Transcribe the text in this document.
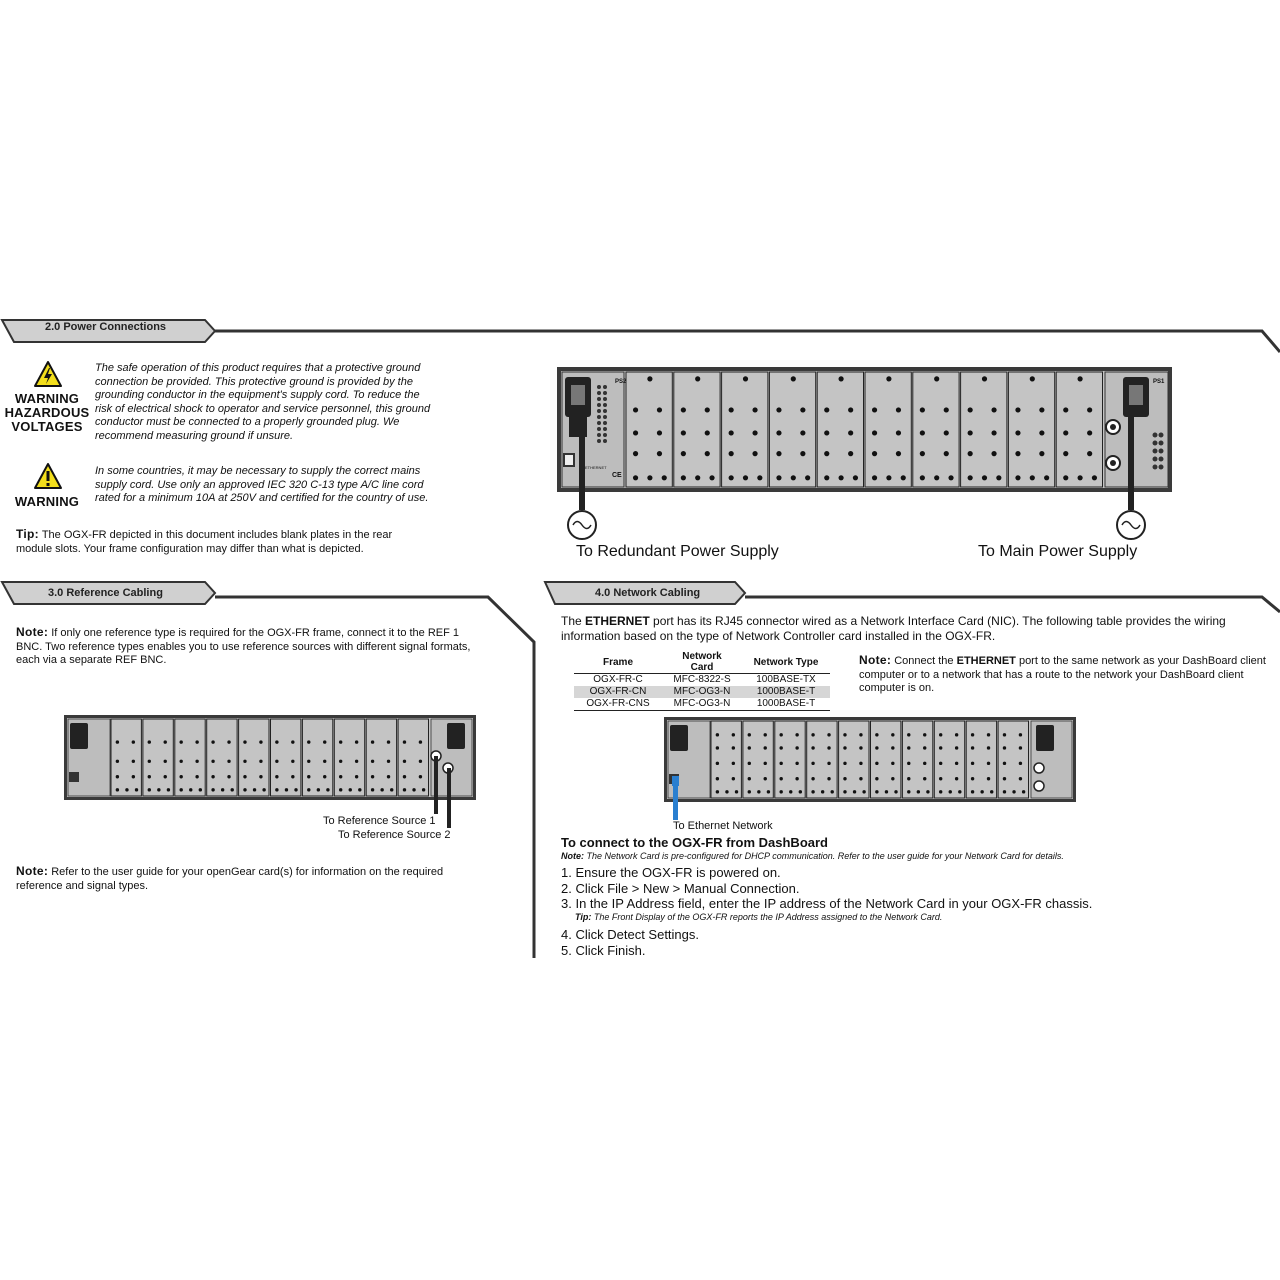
2.0 Power Connections
3.0 Reference Cabling	4.0 Network Cabling
WARNING
HAZARDOUS
VOLTAGES
The safe operation of this product requires that a protective ground
connection be provided. This protective ground is provided by the
grounding conductor in the equipment's supply cord. To reduce the
risk of electrical shock to operator and service personnel, this ground
conductor must be connected to a properly grounded plug. We
recommend measuring ground if unsure.
WARNING
In some countries, it may be necessary to supply the correct mains
supply cord. Use only an approved IEC 320 C-13 type A/C line cord
rated for a minimum 10A at 250V and certified for the country of use.
Tip: The OGX-FR depicted in this document includes blank plates in the rear
module slots. Your frame configuration may differ than what is depicted.
PS2
ETHERNET
CE
PS1
To Redundant Power Supply	To Main Power Supply
Note: If only one reference type is required for the OGX-FR frame, connect it to the REF 1
BNC. Two reference types enables you to use reference sources with different signal formats,
each via a separate REF BNC.
To Reference Source 1
To Reference Source 2
Note: Refer to the user guide for your openGear card(s) for information on the required
reference and signal types.
The ETHERNET port has its RJ45 connector wired as a Network Interface Card (NIC). The following table provides the wiring
information based on the type of Network Controller card installed in the OGX-FR.
Frame	Network Card	Network Type
OGX-FR-C	MFC-8322-S	100BASE-TX
OGX-FR-CN	MFC-OG3-N	1000BASE-T
OGX-FR-CNS	MFC-OG3-N	1000BASE-T
Note: Connect the ETHERNET port to the same network as your DashBoard client
computer or to a network that has a route to the network your DashBoard client
computer is on.
To Ethernet Network
To connect to the OGX-FR from DashBoard
Note: The Network Card is pre-configured for DHCP communication. Refer to the user guide for your Network Card for details.
1. Ensure the OGX-FR is powered on.
2. Click File > New > Manual Connection.
3. In the IP Address field, enter the IP address of the Network Card in your OGX-FR chassis.
Tip: The Front Display of the OGX-FR reports the IP Address assigned to the Network Card.
4. Click Detect Settings.
5. Click Finish.
